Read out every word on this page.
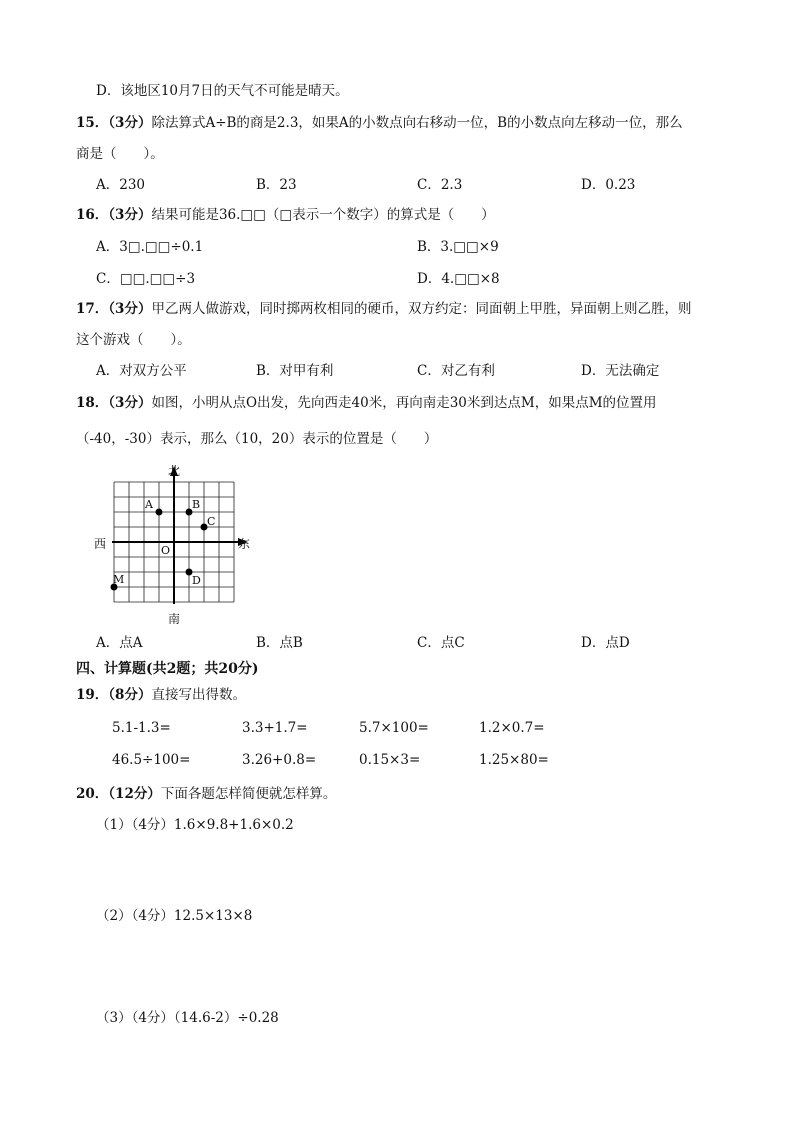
D．该地区10月7日的天气不可能是晴天。
15．（3分）除法算式A÷B的商是2.3，如果A的小数点向右移动一位，B的小数点向左移动一位，那么
商是（　　）。
A．230	B．23	C．2.3	D．0.23
16．（3分）结果可能是36.□□（□表示一个数字）的算式是（　　）
A．3□.□□÷0.1	B．3.□□×9
C．□□.□□÷3	D．4.□□×8
17．（3分）甲乙两人做游戏，同时掷两枚相同的硬币，双方约定：同面朝上甲胜，异面朝上则乙胜，则
这个游戏（　　）。
A．对双方公平	B．对甲有利	C．对乙有利	D．无法确定
18．（3分）如图，小明从点O出发，先向西走40米，再向南走30米到达点M，如果点M的位置用
（-40，-30）表示，那么（10，20）表示的位置是（　　）
北
南
西	东
O
A	B
C
D
M
A．点A	B．点B	C．点C	D．点D
四、计算题(共2题；共20分)
19．（8分）直接写出得数。
5.1-1.3=	3.3+1.7=	5.7×100=	1.2×0.7=
46.5÷100=	3.26+0.8=	0.15×3=	1.25×80=
20．（12分）下面各题怎样简便就怎样算。
（1）（4分）1.6×9.8+1.6×0.2
（2）（4分）12.5×13×8
（3）（4分）（14.6-2）÷0.28
